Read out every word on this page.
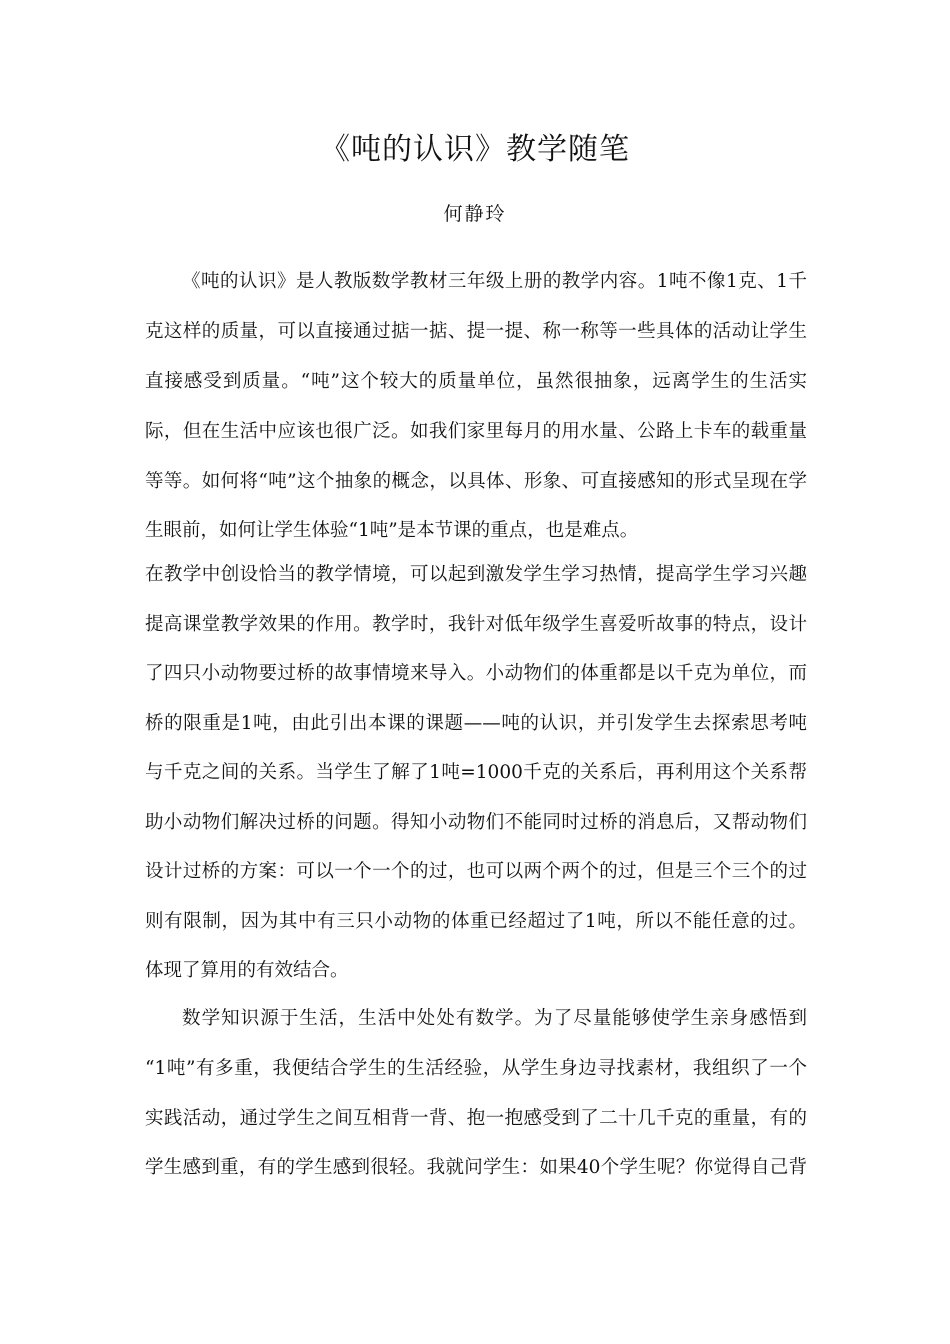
《吨的认识》教学随笔
何静玲
《吨的认识》是人教版数学教材三年级上册的教学内容。1吨不像1克、1千
克这样的质量，可以直接通过掂一掂、提一提、称一称等一些具体的活动让学生
直接感受到质量。“吨”这个较大的质量单位，虽然很抽象，远离学生的生活实
际，但在生活中应该也很广泛。如我们家里每月的用水量、公路上卡车的载重量
等等。如何将“吨”这个抽象的概念，以具体、形象、可直接感知的形式呈现在学
生眼前，如何让学生体验“1吨”是本节课的重点，也是难点。
在教学中创设恰当的教学情境，可以起到激发学生学习热情，提高学生学习兴趣
提高课堂教学效果的作用。教学时，我针对低年级学生喜爱听故事的特点，设计
了四只小动物要过桥的故事情境来导入。小动物们的体重都是以千克为单位，而
桥的限重是1吨，由此引出本课的课题——吨的认识，并引发学生去探索思考吨
与千克之间的关系。当学生了解了1吨=1000千克的关系后，再利用这个关系帮
助小动物们解决过桥的问题。得知小动物们不能同时过桥的消息后，又帮动物们
设计过桥的方案：可以一个一个的过，也可以两个两个的过，但是三个三个的过
则有限制，因为其中有三只小动物的体重已经超过了1吨，所以不能任意的过。
体现了算用的有效结合。
数学知识源于生活，生活中处处有数学。为了尽量能够使学生亲身感悟到
“1吨”有多重，我便结合学生的生活经验，从学生身边寻找素材，我组织了一个
实践活动，通过学生之间互相背一背、抱一抱感受到了二十几千克的重量，有的
学生感到重，有的学生感到很轻。我就问学生：如果40个学生呢？你觉得自己背
